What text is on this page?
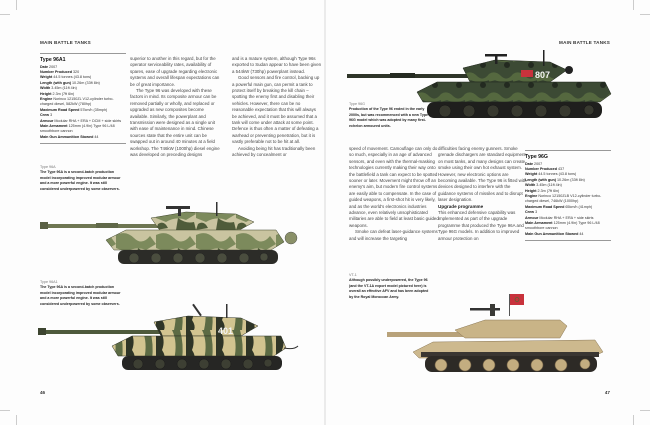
MAIN BATTLE TANKS
Type 96A1
Date 2007
Number Produced 320
Weight 44.5 tonnes (43.8 tons)
Length (with gun) 10.26m (33ft 8in)
Width 3.45m (11ft 4in)
Height 2.3m (7ft 6in)
Engine Norinco 12150ZL V12-cylinder turbo-charged diesel, 582kW (780hp)
Maximum Road Speed 57km/h (35mph)
Crew 3
Armour Modular RHA + ERA + DCM + side skirts
Main Armament 125mm (4.9in) Type 96 L/48 smoothbore cannon
Main Gun Ammunition Stowed 44

superior to another in this regard, but for the operator serviceability rates, availability of spares, ease of upgrade regarding electronic systems and overall lifespan expectations can be of great importance.

The Type 96 was developed with these factors in mind. Its composite armour can be removed partially or wholly, and replaced or upgraded as new composites become available. Similarly, the powerplant and transmission were designed as a single unit with ease of maintenance in mind. Chinese sources state that the entire unit can be swapped out in around 40 minutes at a field workshop. The T46kW (1000hp) diesel engine was developed on preceding designs

and is a mature system, although Type 96s exported to Sudan appear to have been given a 544kW (730hp) powerplant instead.

Good sensors and fire control, backing up a powerful main gun, can permit a tank to protect itself by breaking the kill chain – spotting the enemy first and disabling their vehicles. However, there can be no reasonable expectation that this will always be achieved, and it must be assumed that a tank will come under attack at some point. Defence is thus often a matter of defeating a warhead or preventing penetration, but it is vastly preferable not to be hit at all.

Avoiding being hit has traditionally been achieved by concealment or

Type 96A
The Type 96A is a second-batch production model incorporating improved modular armour and a more powerful engine. It was still considered underpowered by some observers.
Type 96A1
The Type 96A is a second-batch production model incorporating improved modular armour and a more powerful engine. It was still considered underpowered by some observers.
401
46
MAIN BATTLE TANKS
807
Type 96G
Production of the Type 96 ended in the early 2000s, but was recommenced with a new Type 96G model which was adopted by many first-echelon armoured units.

speed of movement. Camouflage can only do so much, especially in an age of advanced sensors, and even with the thermal-masking technologies currently making their way onto the battlefield a tank can expect to be spotted sooner or later. Movement might throw off an enemy's aim, but modern fire control systems are easily able to compensate. In the case of guided weapons, a first-shot hit is very likely, and as the world's electronics industries advance, even relatively unsophisticated militaries are able to field at least basic guided weapons.

Smoke can defeat laser-guidance systems and will increase the targeting

difficulties facing enemy gunners. Smoke grenade dischargers are standard equipment on most tanks, and many designs can create smoke using their own hot exhaust system. However, new electronic options are becoming available. The Type 96 is fitted with devices designed to interfere with the guidance systems of missiles and to disrupt laser designation.

Upgrade programme

This enhanced defensive capability was implemented as part of the upgrade programme that produced the Type 96A and Type 96G models. In addition to improved armour protection on

Type 96G
Date 2007
Number Produced 437
Weight 44.5 tonnes (43.8 tons)
Length (with gun) 10.26m (33ft 8in)
Width 3.45m (11ft 4in)
Height 2.3m (7ft 6in)
Engine Norinco 12150ZLB V12-cylinder turbo-charged diesel, 746kW (1000hp)
Maximum Road Speed 65km/h (41mph)
Crew 3
Armour Modular RHA + ERA + side skirts
Main Armament 125mm (4.9in) Type 96 L/48 smoothbore cannon
Main Gun Ammunition Stowed 44
VT-1
Although possibly underpowered, the Type 96 (and the VT-1A export model pictured here) is overall an effective AFV and has been adopted by the Royal Moroccan Army.
47
